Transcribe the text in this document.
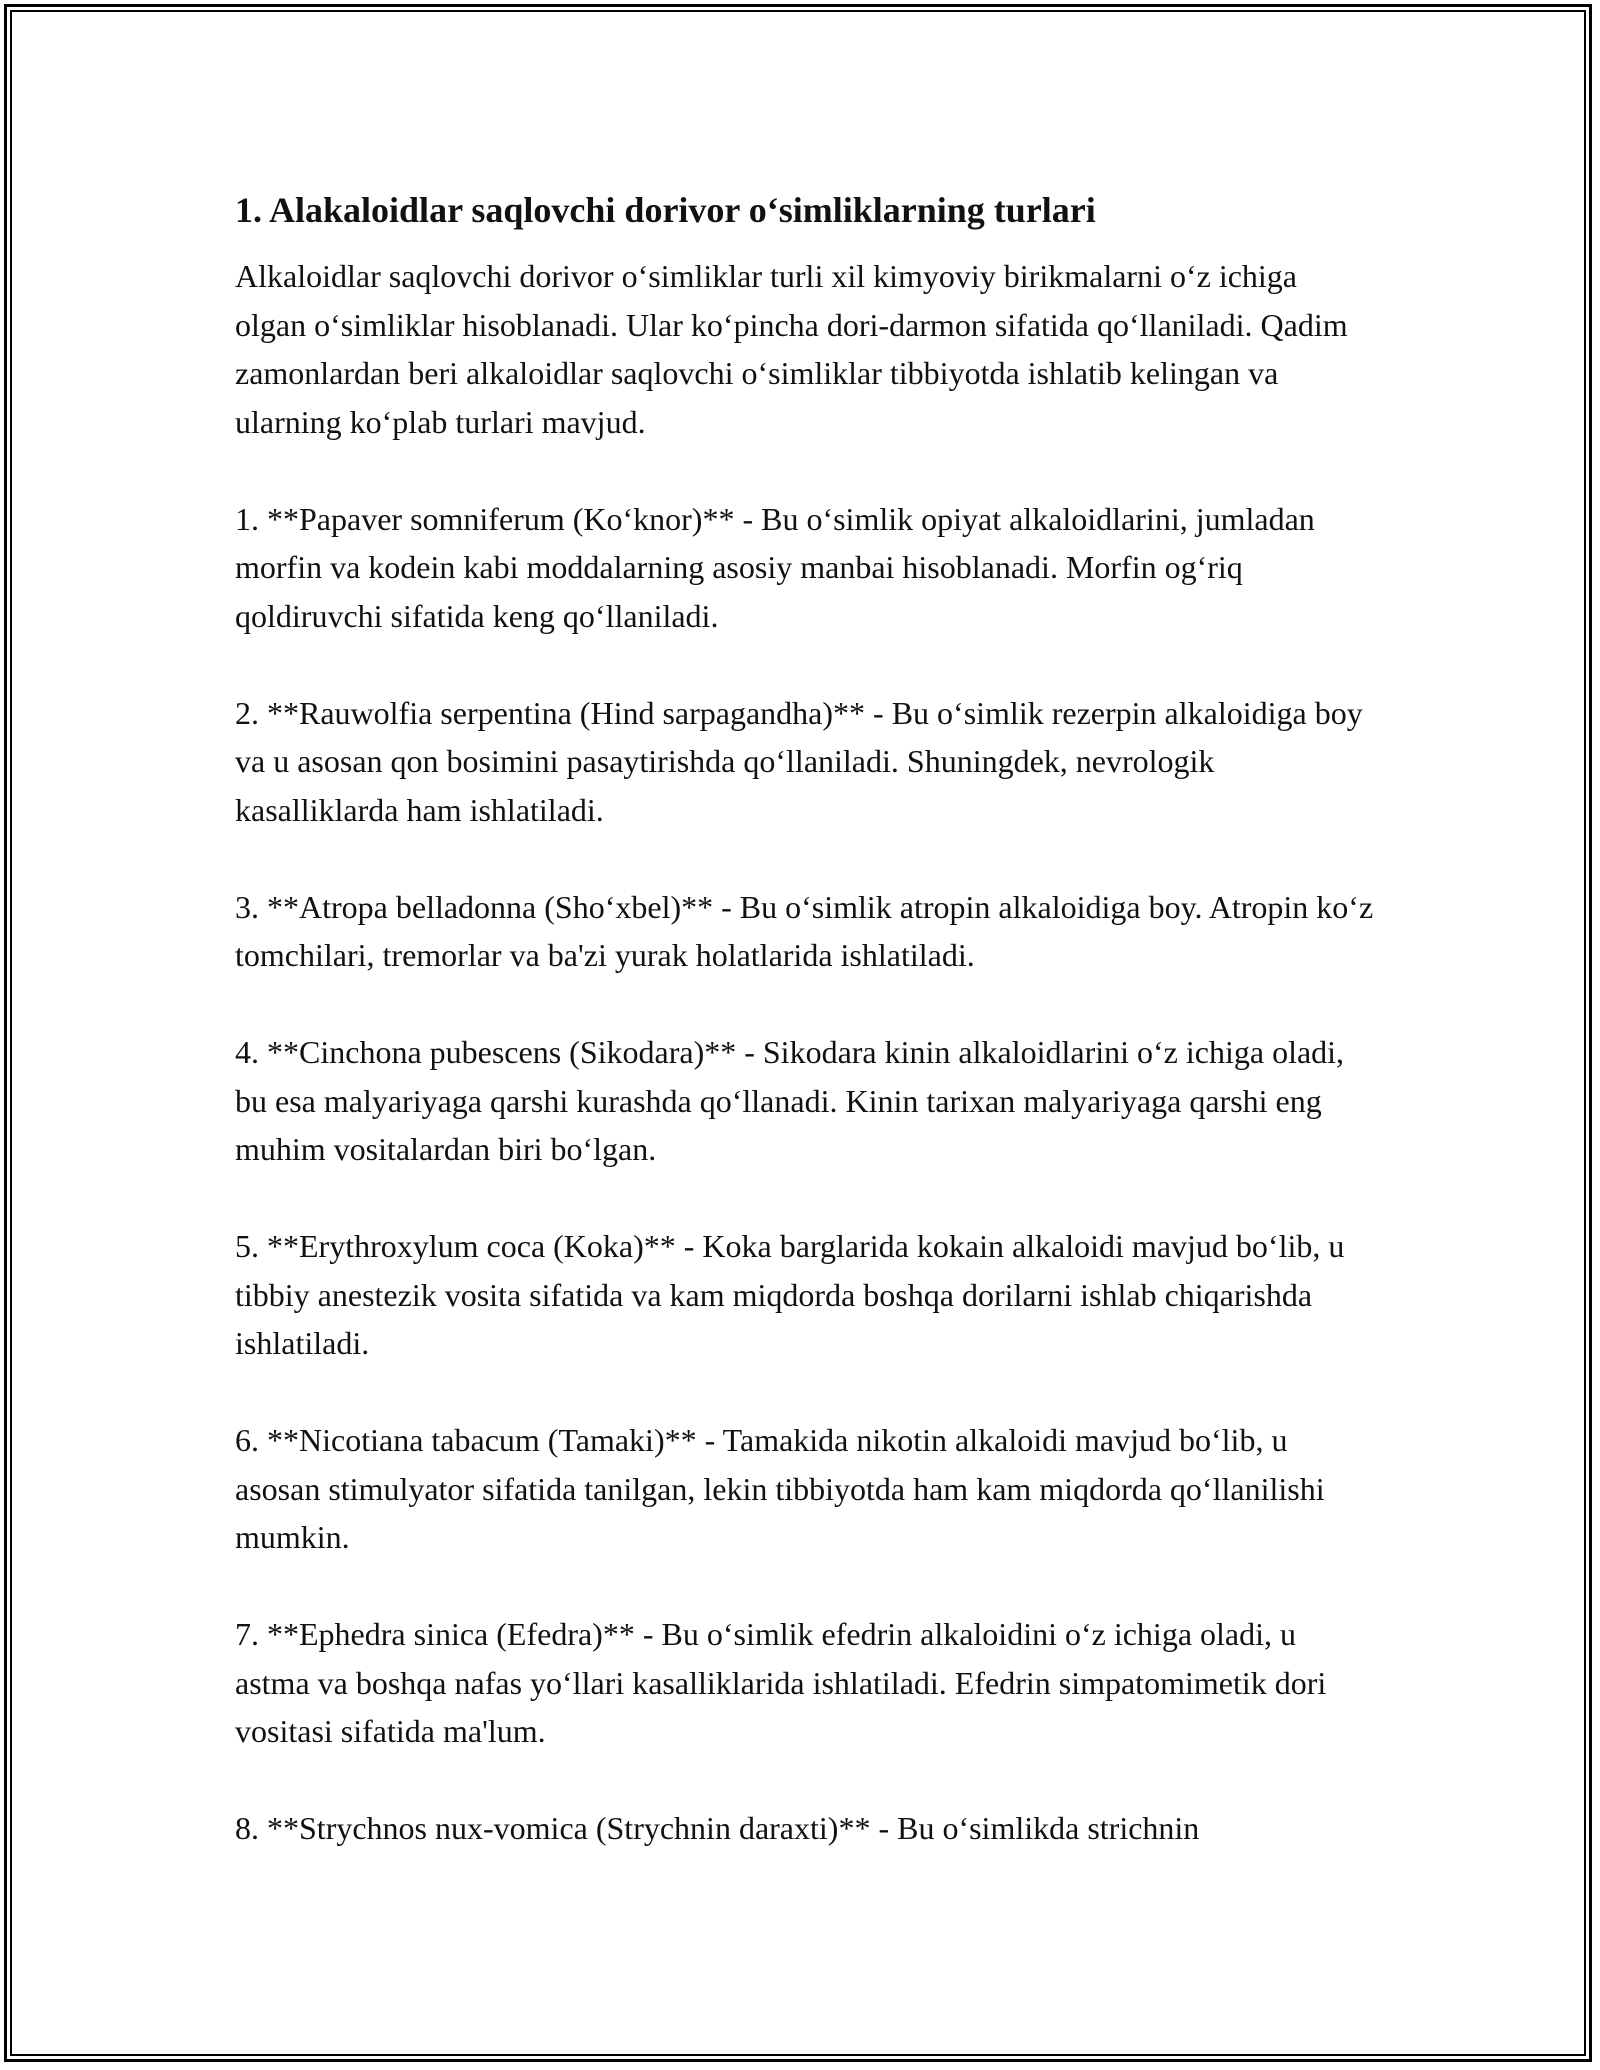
1. Alakaloidlar saqlovchi dorivor o‘simliklarning turlari

Alkaloidlar saqlovchi dorivor o‘simliklar turli xil kimyoviy birikmalarni o‘z ichiga olgan o‘simliklar hisoblanadi. Ular ko‘pincha dori-darmon sifatida qo‘llaniladi. Qadim zamonlardan beri alkaloidlar saqlovchi o‘simliklar tibbiyotda ishlatib kelingan va ularning ko‘plab turlari mavjud.

1. **Papaver somniferum (Ko‘knor)** - Bu o‘simlik opiyat alkaloidlarini, jumladan morfin va kodein kabi moddalarning asosiy manbai hisoblanadi. Morfin og‘riq qoldiruvchi sifatida keng qo‘llaniladi.

2. **Rauwolfia serpentina (Hind sarpagandha)** - Bu o‘simlik rezerpin alkaloidiga boy va u asosan qon bosimini pasaytirishda qo‘llaniladi. Shuningdek, nevrologik kasalliklarda ham ishlatiladi.

3. **Atropa belladonna (Sho‘xbel)** - Bu o‘simlik atropin alkaloidiga boy. Atropin ko‘z tomchilari, tremorlar va ba'zi yurak holatlarida ishlatiladi.

4. **Cinchona pubescens (Sikodara)** - Sikodara kinin alkaloidlarini o‘z ichiga oladi, bu esa malyariyaga qarshi kurashda qo‘llanadi. Kinin tarixan malyariyaga qarshi eng muhim vositalardan biri bo‘lgan.

5. **Erythroxylum coca (Koka)** - Koka barglarida kokain alkaloidi mavjud bo‘lib, u tibbiy anestezik vosita sifatida va kam miqdorda boshqa dorilarni ishlab chiqarishda ishlatiladi.

6. **Nicotiana tabacum (Tamaki)** - Tamakida nikotin alkaloidi mavjud bo‘lib, u asosan stimulyator sifatida tanilgan, lekin tibbiyotda ham kam miqdorda qo‘llanilishi mumkin.

7. **Ephedra sinica (Efedra)** - Bu o‘simlik efedrin alkaloidini o‘z ichiga oladi, u astma va boshqa nafas yo‘llari kasalliklarida ishlatiladi. Efedrin simpatomimetik dori vositasi sifatida ma'lum.

8. **Strychnos nux-vomica (Strychnin daraxti)** - Bu o‘simlikda strichnin
